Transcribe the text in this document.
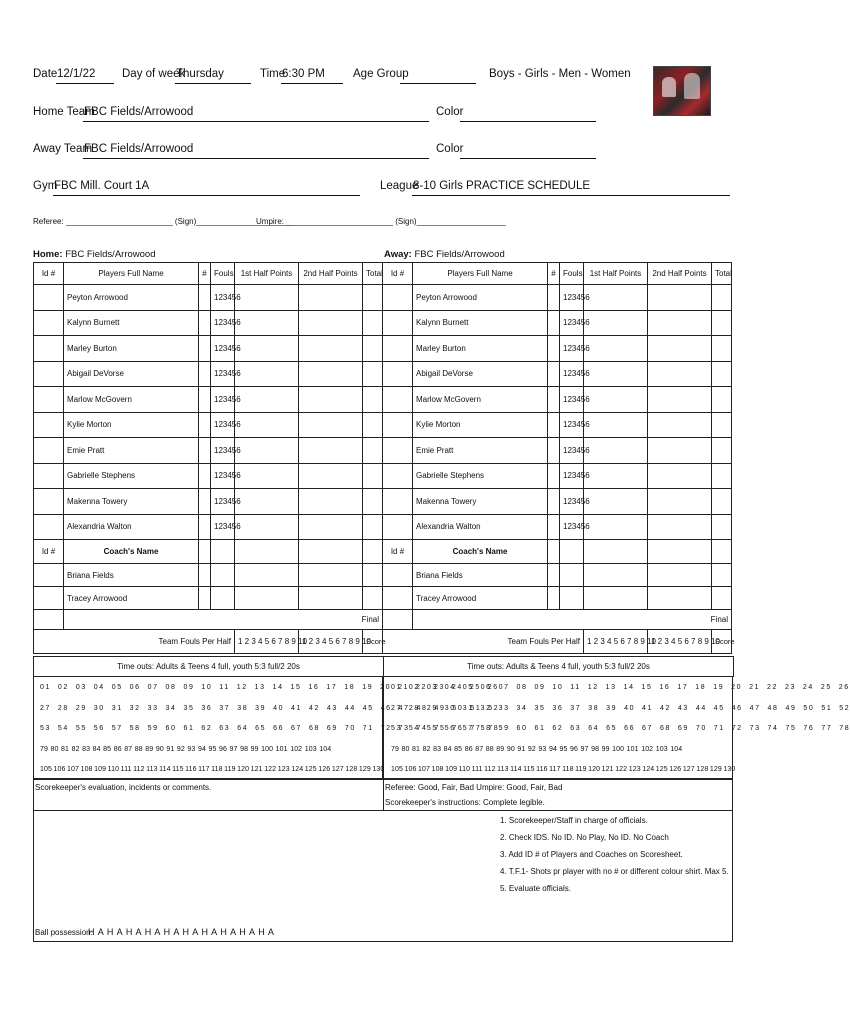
Date 12/1/22 Day of week
Thursday	Time
6:30 PM Age Group	Boys - Girls - Men - Women
Home Team
FBC Fields/Arrowood	Color
Away Team
FBC Fields/Arrowood	Color
Gym
FBC Mill. Court 1A	League
8-10 Girls PRACTICE SCHEDULE
Referee: ________________________ (Sign)______________________
Umpire: ________________________ (Sign)____________________
Home: FBC Fields/Arrowood	Away: FBC Fields/Arrowood
Id #	Players Full Name	#	Fouls	1st Half Points	2nd Half Points	Total	Id #	Players Full Name	#	Fouls	1st Half Points	2nd Half Points	Total
	Peyton Arrowood		123456					Peyton Arrowood		123456			
	Kalynn Burnett		123456					Kalynn Burnett		123456			
	Marley Burton		123456					Marley Burton		123456			
	Abigail DeVorse		123456					Abigail DeVorse		123456			
	Marlow McGovern		123456					Marlow McGovern		123456			
	Kylie Morton		123456					Kylie Morton		123456			
	Emie Pratt		123456					Emie Pratt		123456			
	Gabrielle Stephens		123456					Gabrielle Stephens		123456			
	Makenna Towery		123456					Makenna Towery		123456			
	Alexandria Walton		123456					Alexandria Walton		123456			
Id #	Coach's Name						Id #	Coach's Name					
	Briana Fields							Briana Fields					
	Tracey Arrowood							Tracey Arrowood					
	Final							Final					
Team Fouls Per Half				1 2 3 4 5 6 7 8 9 10	1 2 3 4 5 6 7 8 9 10	Score	Team Fouls Per Half				1 2 3 4 5 6 7 8 9 10	1 2 3 4 5 6 7 8 9 10	Score
Time outs: Adults & Teens 4 full, youth 5:3 full/2 20s	Time outs: Adults & Teens 4 full, youth 5:3 full/2 20s
01 02 03 04 05 06 07 08 09 10 11 12 13 14 15 16 17 18 19 20 21 22 23 24 25 26
27 28 29 30 31 32 33 34 35 36 37 38 39 40 41 42 43 44 45 46 47 48 49 50 51 52
53 54 55 56 57 58 59 60 61 62 63 64 65 66 67 68 69 70 71 72 73 74 75 76 77 78
79 80 81 82 83 84 85 86 87 88 89 90 91 92 93 94 95 96 97 98 99 100 101 102 103 104
105 106 107 108 109 110 111 112 113 114 115 116 117 118 119 120 121 122 123 124 125 126 127 128 129 130
01 02 03 04 05 06 07 08 09 10 11 12 13 14 15 16 17 18 19 20 21 22 23 24 25 26
27 28 29 30 31 32 33 34 35 36 37 38 39 40 41 42 43 44 45 46 47 48 49 50 51 52
53 54 55 56 57 58 59 60 61 62 63 64 65 66 67 68 69 70 71 72 73 74 75 76 77 78
79 80 81 82 83 84 85 86 87 88 89 90 91 92 93 94 95 96 97 98 99 100 101 102 103 104
105 106 107 108 109 110 111 112 113 114 115 116 117 118 119 120 121 122 123 124 125 126 127 128 129 130
Scorekeeper's evaluation, incidents or comments.	Referee: Good, Fair, Bad Umpire: Good, Fair, Bad
Scorekeeper's instructions: Complete legible.
1. Scorekeeper/Staff in charge of officials.
2. Check IDS. No ID. No Play, No ID. No Coach
3. Add ID # of Players and Coaches on Scoresheet.
4. T.F.1- Shots pr player with no # or different colour shirt. Max 5.
5. Evaluate officials.
Ball possession:
H A H A H A H A H A H A H A H A H A H A
